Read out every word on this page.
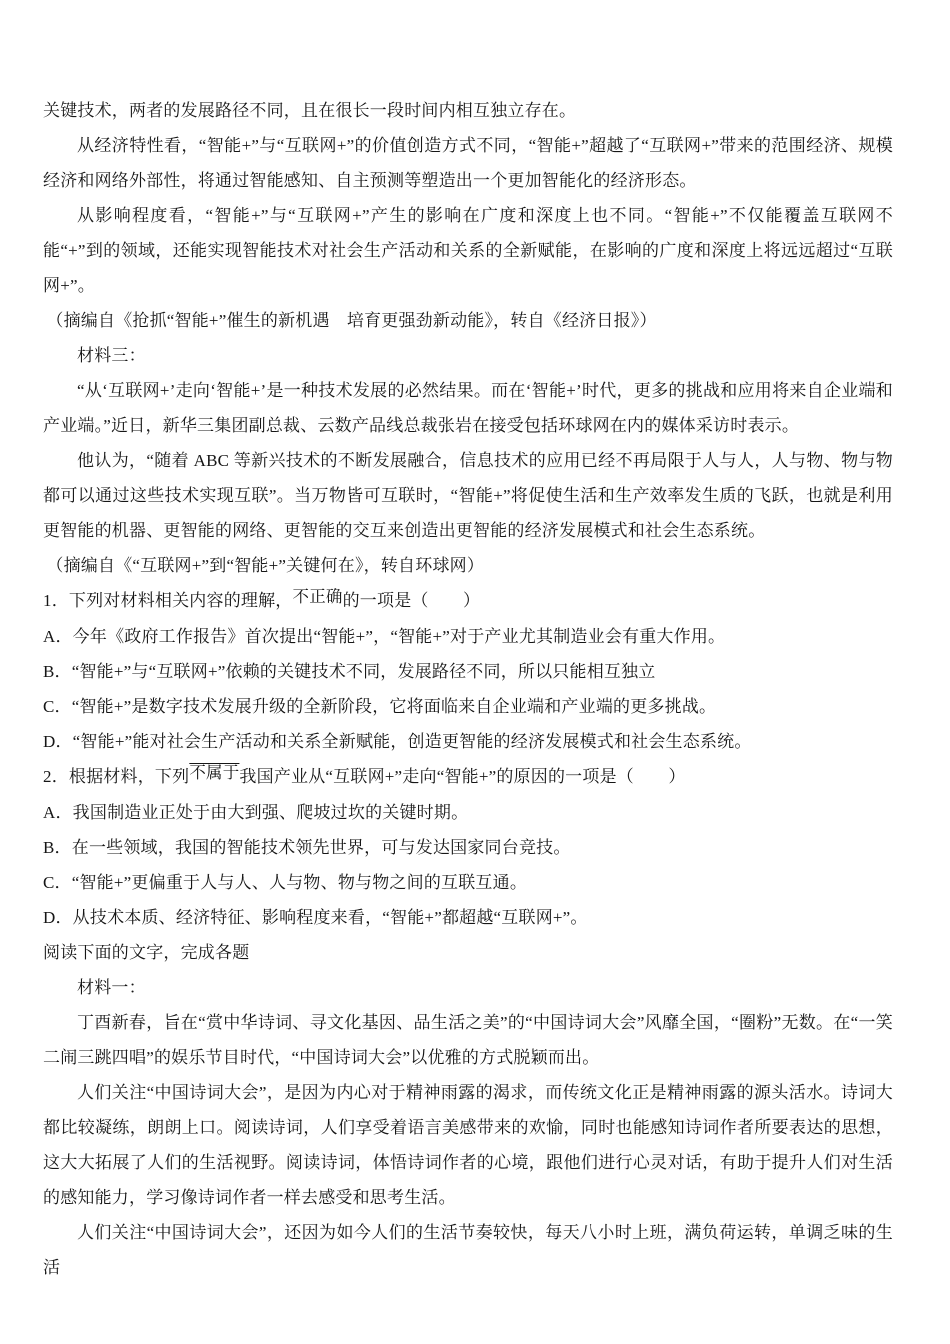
关键技术，两者的发展路径不同，且在很长一段时间内相互独立存在。

从经济特性看，“智能+”与“互联网+”的价值创造方式不同，“智能+”超越了“互联网+”带来的范围经济、规模经济和网络外部性，将通过智能感知、自主预测等塑造出一个更加智能化的经济形态。

从影响程度看，“智能+”与“互联网+”产生的影响在广度和深度上也不同。“智能+”不仅能覆盖互联网不能“+”到的领域，还能实现智能技术对社会生产活动和关系的全新赋能，在影响的广度和深度上将远远超过“互联网+”。

（摘编自《抢抓“智能+”催生的新机遇　培育更强劲新动能》，转自《经济日报》）

材料三：

“从‘互联网+’走向‘智能+’是一种技术发展的必然结果。而在‘智能+’时代，更多的挑战和应用将来自企业端和产业端。”近日，新华三集团副总裁、云数产品线总裁张岩在接受包括环球网在内的媒体采访时表示。

他认为，“随着 ABC 等新兴技术的不断发展融合，信息技术的应用已经不再局限于人与人，人与物、物与物都可以通过这些技术实现互联”。当万物皆可互联时，“智能+”将促使生活和生产效率发生质的飞跃，也就是利用更智能的机器、更智能的网络、更智能的交互来创造出更智能的经济发展模式和社会生态系统。

（摘编自《“互联网+”到“智能+”关键何在》，转自环球网）

1．下列对材料相关内容的理解，不正确的一项是（　　）

A．今年《政府工作报告》首次提出“智能+”，“智能+”对于产业尤其制造业会有重大作用。

B．“智能+”与“互联网+”依赖的关键技术不同，发展路径不同，所以只能相互独立

C．“智能+”是数字技术发展升级的全新阶段，它将面临来自企业端和产业端的更多挑战。

D．“智能+”能对社会生产活动和关系全新赋能，创造更智能的经济发展模式和社会生态系统。

2．根据材料，下列不属于我国产业从“互联网+”走向“智能+”的原因的一项是（　　）

A．我国制造业正处于由大到强、爬坡过坎的关键时期。

B．在一些领域，我国的智能技术领先世界，可与发达国家同台竞技。

C．“智能+”更偏重于人与人、人与物、物与物之间的互联互通。

D．从技术本质、经济特征、影响程度来看，“智能+”都超越“互联网+”。

阅读下面的文字，完成各题

材料一：

丁酉新春，旨在“赏中华诗词、寻文化基因、品生活之美”的“中国诗词大会”风靡全国，“圈粉”无数。在“一笑二闹三跳四唱”的娱乐节目时代，“中国诗词大会”以优雅的方式脱颖而出。

人们关注“中国诗词大会”，是因为内心对于精神雨露的渴求，而传统文化正是精神雨露的源头活水。诗词大都比较凝练，朗朗上口。阅读诗词，人们享受着语言美感带来的欢愉，同时也能感知诗词作者所要表达的思想，这大大拓展了人们的生活视野。阅读诗词，体悟诗词作者的心境，跟他们进行心灵对话，有助于提升人们对生活的感知能力，学习像诗词作者一样去感受和思考生活。

人们关注“中国诗词大会”，还因为如今人们的生活节奏较快，每天八小时上班，满负荷运转，单调乏味的生活
